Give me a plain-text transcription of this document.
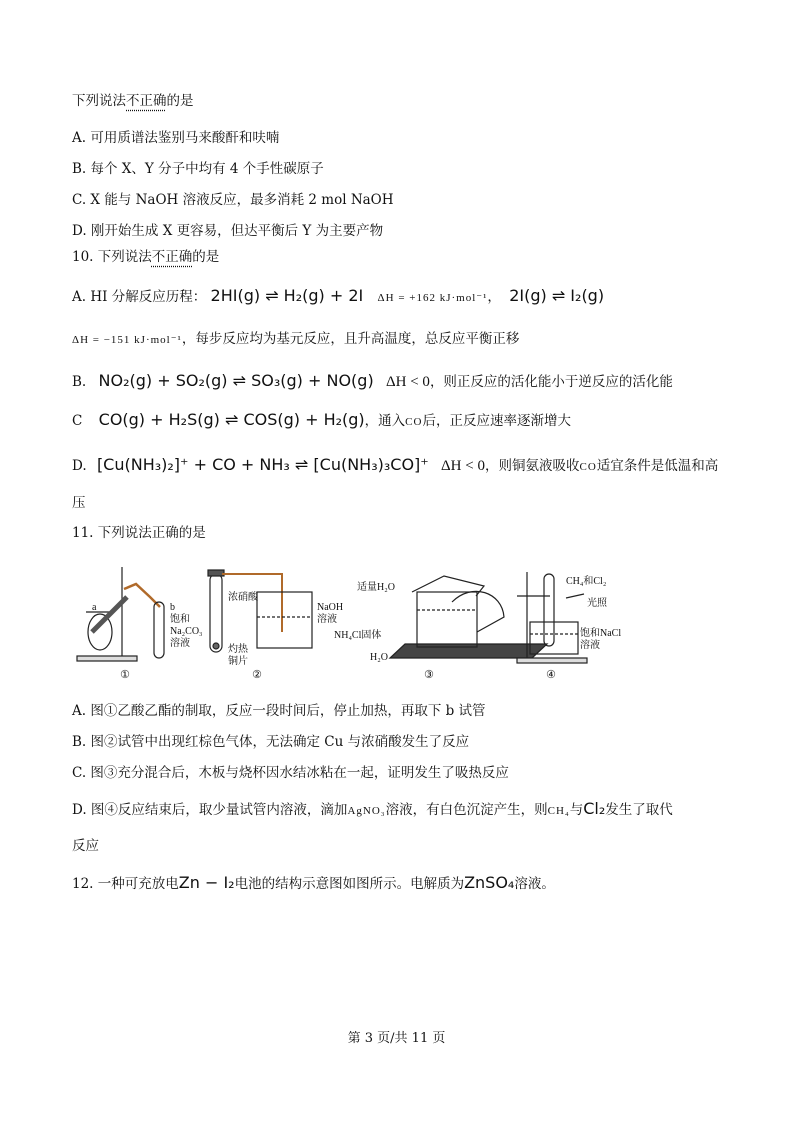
下列说法不正确的是
A. 可用质谱法鉴别马来酸酐和呋喃
B. 每个 X、Y 分子中均有 4 个手性碳原子
C. X 能与 NaOH 溶液反应，最多消耗 2 mol NaOH
D. 刚开始生成 X 更容易，但达平衡后 Y 为主要产物
10. 下列说法不正确的是
A. HI 分解反应历程： 2HI(g) ⇌ H₂(g) + 2I ΔH = +162 kJ·mol⁻¹， 2I(g) ⇌ I₂(g)
ΔH = −151 kJ·mol⁻¹，每步反应均为基元反应，且升高温度，总反应平衡正移
B. NO₂(g) + SO₂(g) ⇌ SO₃(g) + NO(g) ΔH < 0，则正反应的活化能小于逆反应的活化能
C CO(g) + H₂S(g) ⇌ COS(g) + H₂(g)，通入CO后，正反应速率逐渐增大
D. [Cu(NH₃)₂]⁺ + CO + NH₃ ⇌ [Cu(NH₃)₃CO]⁺ ΔH < 0，则铜氨液吸收CO适宜条件是低温和高
压
11. 下列说法正确的是
a	b
饱和
Na₂CO₃
溶液
①
浓硝酸
灼热
铜片
NaOH
溶液
②
适量H₂O
NH₄Cl固体
H₂O
③
CH₄和Cl₂
光照
饱和NaCl
溶液
④
A. 图①乙酸乙酯的制取，反应一段时间后，停止加热，再取下 b 试管
B. 图②试管中出现红棕色气体，无法确定 Cu 与浓硝酸发生了反应
C. 图③充分混合后，木板与烧杯因水结冰粘在一起，证明发生了吸热反应
D. 图④反应结束后，取少量试管内溶液，滴加AgNO₃溶液，有白色沉淀产生，则CH₄与Cl₂发生了取代
反应
12. 一种可充放电Zn − I₂电池的结构示意图如图所示。电解质为ZnSO₄溶液。
第 3 页/共 11 页
